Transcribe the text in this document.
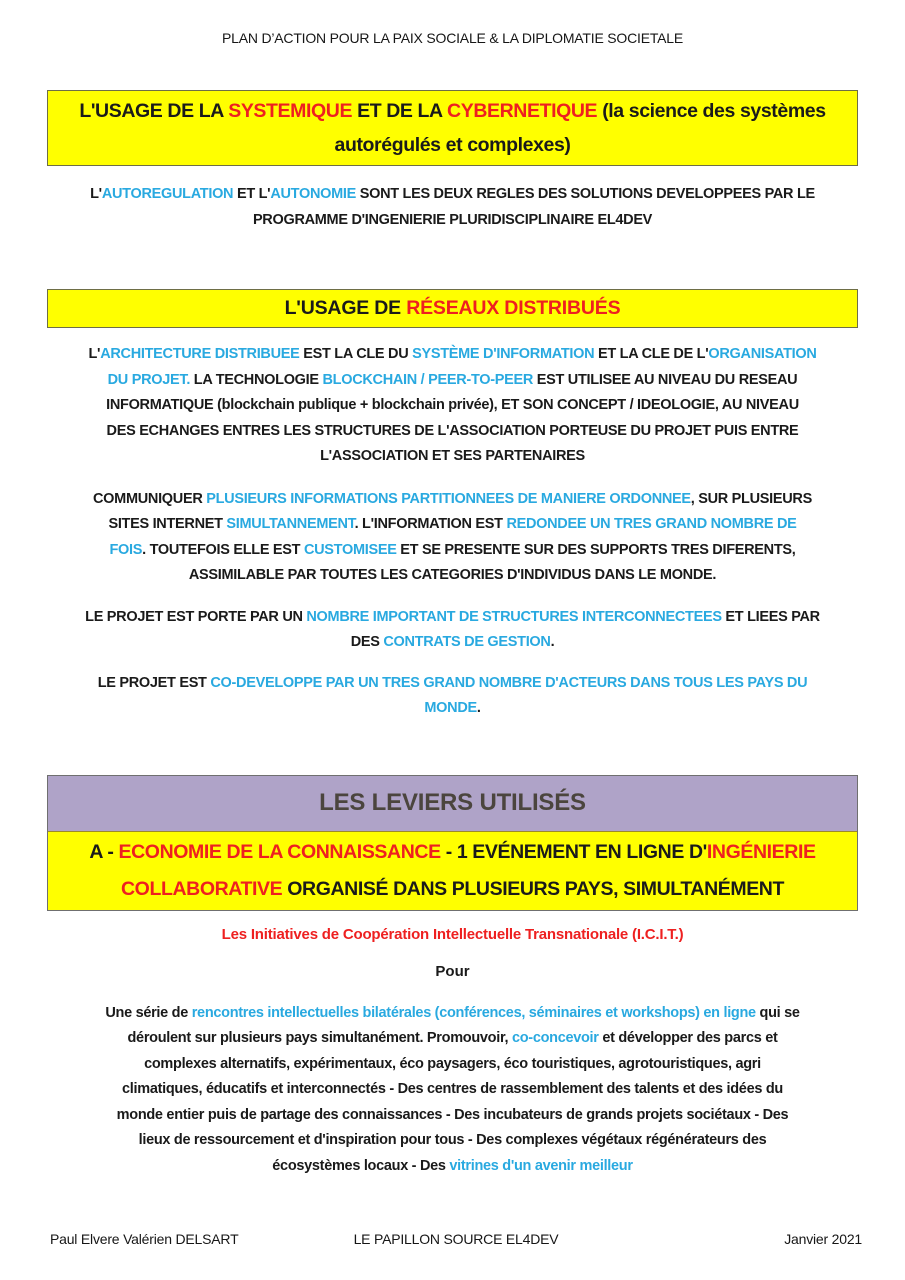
PLAN D’ACTION POUR LA PAIX SOCIALE & LA DIPLOMATIE SOCIETALE

L'USAGE DE LA SYSTEMIQUE ET DE LA CYBERNETIQUE (la science des systèmes
autorégulés et complexes)

L'AUTOREGULATION ET L'AUTONOMIE SONT LES DEUX REGLES DES SOLUTIONS DEVELOPPEES PAR LE
PROGRAMME D'INGENIERIE PLURIDISCIPLINAIRE EL4DEV

L'USAGE DE RÉSEAUX DISTRIBUÉS

L'ARCHITECTURE DISTRIBUEE EST LA CLE DU SYSTÈME D'INFORMATION ET LA CLE DE L'ORGANISATION
DU PROJET. LA TECHNOLOGIE BLOCKCHAIN / PEER-TO-PEER EST UTILISEE AU NIVEAU DU RESEAU
INFORMATIQUE (blockchain publique + blockchain privée), ET SON CONCEPT / IDEOLOGIE, AU NIVEAU
DES ECHANGES ENTRES LES STRUCTURES DE L'ASSOCIATION PORTEUSE DU PROJET PUIS ENTRE
L'ASSOCIATION ET SES PARTENAIRES

COMMUNIQUER PLUSIEURS INFORMATIONS PARTITIONNEES DE MANIERE ORDONNEE, SUR PLUSIEURS
SITES INTERNET SIMULTANNEMENT. L'INFORMATION EST REDONDEE UN TRES GRAND NOMBRE DE
FOIS. TOUTEFOIS ELLE EST CUSTOMISEE ET SE PRESENTE SUR DES SUPPORTS TRES DIFERENTS,
ASSIMILABLE PAR TOUTES LES CATEGORIES D'INDIVIDUS DANS LE MONDE.

LE PROJET EST PORTE PAR UN NOMBRE IMPORTANT DE STRUCTURES INTERCONNECTEES ET LIEES PAR
DES CONTRATS DE GESTION.

LE PROJET EST CO-DEVELOPPE PAR UN TRES GRAND NOMBRE D'ACTEURS DANS TOUS LES PAYS DU
MONDE.

LES LEVIERS UTILISÉS

A - ECONOMIE DE LA CONNAISSANCE - 1 EVÉNEMENT EN LIGNE D'INGÉNIERIE
COLLABORATIVE ORGANISÉ DANS PLUSIEURS PAYS, SIMULTANÉMENT

Les Initiatives de Coopération Intellectuelle Transnationale (I.C.I.T.)

Pour

Une série de rencontres intellectuelles bilatérales (conférences, séminaires et workshops) en ligne qui se
déroulent sur plusieurs pays simultanément. Promouvoir, co-concevoir et développer des parcs et
complexes alternatifs, expérimentaux, éco paysagers, éco touristiques, agrotouristiques, agri
climatiques, éducatifs et interconnectés - Des centres de rassemblement des talents et des idées du
monde entier puis de partage des connaissances - Des incubateurs de grands projets sociétaux - Des
lieux de ressourcement et d'inspiration pour tous - Des complexes végétaux régénérateurs des
écosystèmes locaux - Des vitrines d'un avenir meilleur

Paul Elvere Valérien DELSART	LE PAPILLON SOURCE EL4DEV	Janvier 2021
